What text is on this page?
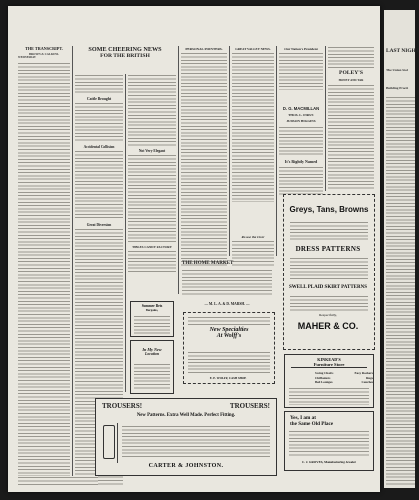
THE TRANSCRIPT.
BROWN & CALKINS.
WEDNESDAY
SOME CHEERING NEWS
FOR THE BRITISH
Cattle Brought
Accidental Collision
Great Diversion
Not Very Elegant
TIBLES CANDY FACTORY
Summer Bets
Bargains,
In My New
Location
PERSONAL POINTERS.	GREAT VALLEY NEWS.
Ro use the Liver
Our Nation's President
D. G. MACMILLAN
THOS. L. FIRST.
JUDSON HIGGINS
It's Rightly Named
POLEY'S
HONEY AND TAR
THE HOME MARKET
— M. L. A. & D. MARSH. —
New Specialties
At Wolff's
E. E. WOLFF, CASH SHOE
Greys, Tans, Browns
DRESS PATTERNS
SWELL PLAID SKIRT PATTERNS
Respectfully,
MAHER & CO.
KINKEAD'S
Furniture Store
Swing Chairs	Easy Rockers
Chiffoniers	Rugs
Bed Lounges	Couches
TROUSERS!	TROUSERS!
New Patterns. Extra Well Made. Perfect Fitting.
CARTER & JOHNSTON.
Yes, I am at
the Same Old Place
C. J. GROVES, Manufacturing Jeweler
LAST NIGHT
The Union Stol
Building Practi
